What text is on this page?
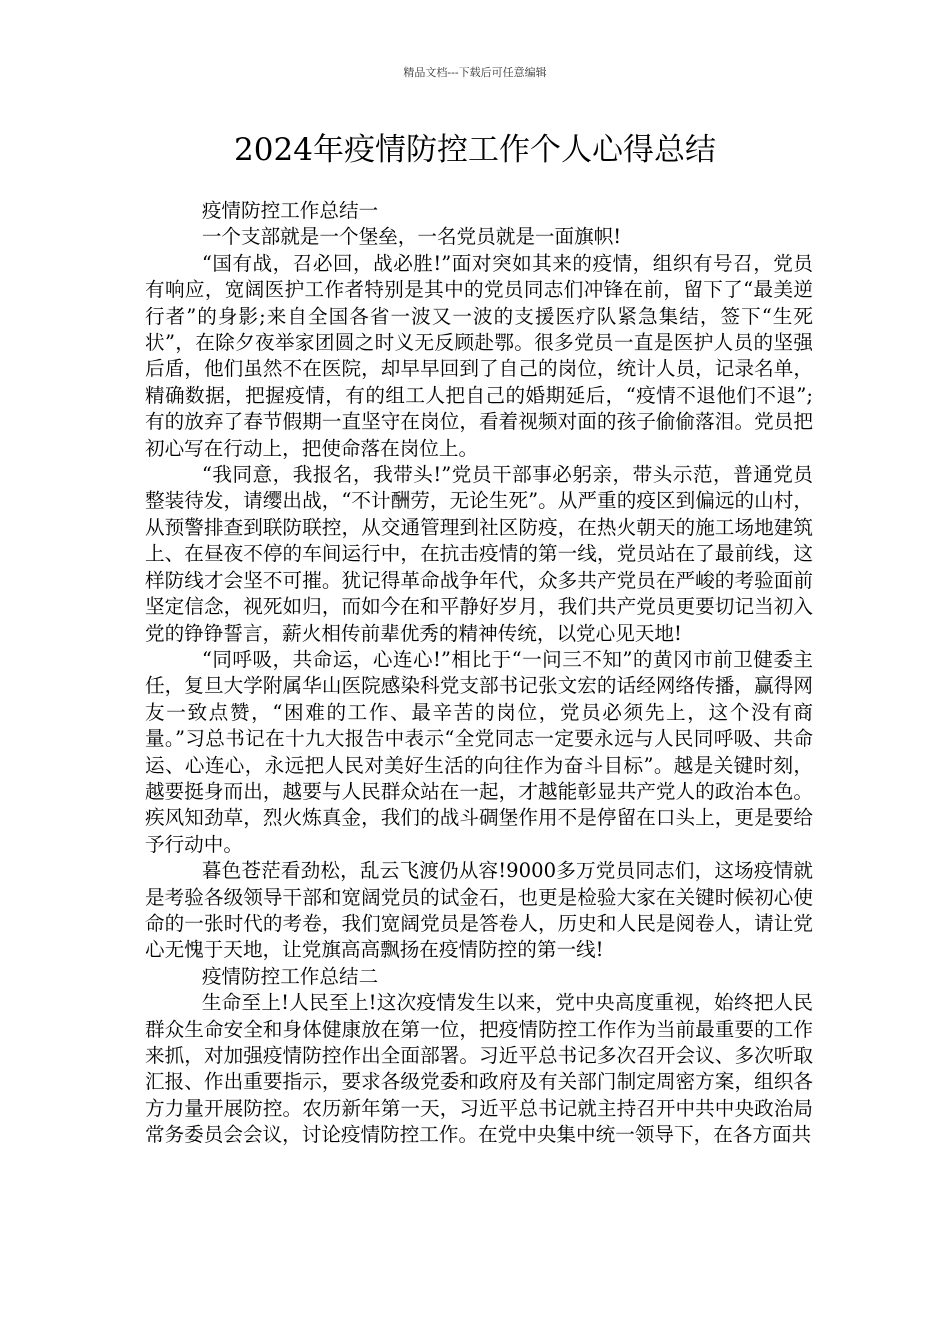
精品文档---下载后可任意编辑
2024年疫情防控工作个人心得总结

疫情防控工作总结一

一个支部就是一个堡垒，一名党员就是一面旗帜!

“国有战，召必回，战必胜!”面对突如其来的疫情，组织有号召，党员有响应，宽阔医护工作者特别是其中的党员同志们冲锋在前，留下了“最美逆行者”的身影;来自全国各省一波又一波的支援医疗队紧急集结，签下“生死状”，在除夕夜举家团圆之时义无反顾赴鄂。很多党员一直是医护人员的坚强后盾，他们虽然不在医院，却早早回到了自己的岗位，统计人员，记录名单，精确数据，把握疫情，有的组工人把自己的婚期延后，“疫情不退他们不退”;有的放弃了春节假期一直坚守在岗位，看着视频对面的孩子偷偷落泪。党员把初心写在行动上，把使命落在岗位上。

“我同意，我报名，我带头!”党员干部事必躬亲，带头示范，普通党员整装待发，请缨出战，“不计酬劳，无论生死”。从严重的疫区到偏远的山村，从预警排查到联防联控，从交通管理到社区防疫，在热火朝天的施工场地建筑上、在昼夜不停的车间运行中，在抗击疫情的第一线，党员站在了最前线，这样防线才会坚不可摧。犹记得革命战争年代，众多共产党员在严峻的考验面前坚定信念，视死如归，而如今在和平静好岁月，我们共产党员更要切记当初入党的铮铮誓言，薪火相传前辈优秀的精神传统，以党心见天地!

“同呼吸，共命运，心连心!”相比于“一问三不知”的黄冈市前卫健委主任，复旦大学附属华山医院感染科党支部书记张文宏的话经网络传播，赢得网友一致点赞，“困难的工作、最辛苦的岗位，党员必须先上，这个没有商量。”习总书记在十九大报告中表示“全党同志一定要永远与人民同呼吸、共命运、心连心，永远把人民对美好生活的向往作为奋斗目标”。越是关键时刻，越要挺身而出，越要与人民群众站在一起，才越能彰显共产党人的政治本色。疾风知劲草，烈火炼真金，我们的战斗碉堡作用不是停留在口头上，更是要给予行动中。

暮色苍茫看劲松，乱云飞渡仍从容!9000多万党员同志们，这场疫情就是考验各级领导干部和宽阔党员的试金石，也更是检验大家在关键时候初心使命的一张时代的考卷，我们宽阔党员是答卷人，历史和人民是阅卷人，请让党心无愧于天地，让党旗高高飘扬在疫情防控的第一线!

疫情防控工作总结二

生命至上!人民至上!这次疫情发生以来，党中央高度重视，始终把人民群众生命安全和身体健康放在第一位，把疫情防控工作作为当前最重要的工作来抓，对加强疫情防控作出全面部署。习近平总书记多次召开会议、多次听取汇报、作出重要指示，要求各级党委和政府及有关部门制定周密方案，组织各方力量开展防控。农历新年第一天，习近平总书记就主持召开中共中央政治局常务委员会会议，讨论疫情防控工作。在党中央集中统一领导下，在各方面共
